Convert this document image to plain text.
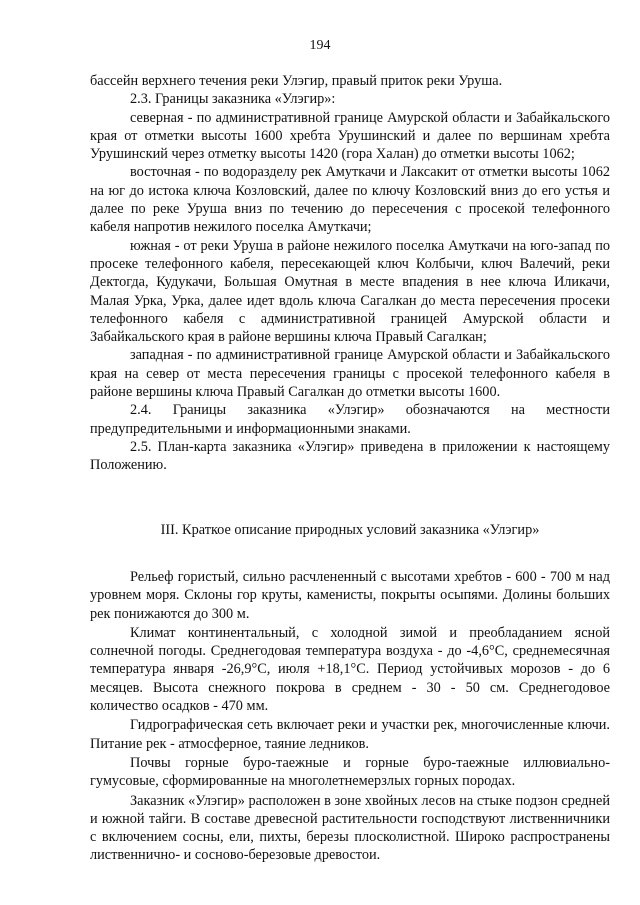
194

бассейн верхнего течения реки Улэгир, правый приток реки Уруша.

2.3. Границы заказника «Улэгир»:

северная - по административной границе Амурской области и Забайкальского края от отметки высоты 1600 хребта Урушинский и далее по вершинам хребта Урушинский через отметку высоты 1420 (гора Халан) до отметки высоты 1062;

восточная - по водоразделу рек Амуткачи и Лаксакит от отметки высоты 1062 на юг до истока ключа Козловский, далее по ключу Козловский вниз до его устья и далее по реке Уруша вниз по течению до пересечения с просекой телефонного кабеля напротив нежилого поселка Амуткачи;

южная - от реки Уруша в районе нежилого поселка Амуткачи на юго-запад по просеке телефонного кабеля, пересекающей ключ Колбычи, ключ Валечий, реки Дектогда, Кудукачи, Большая Омутная в месте впадения в нее ключа Иликачи, Малая Урка, Урка, далее идет вдоль ключа Сагалкан до места пересечения просеки телефонного кабеля с административной границей Амурской области и Забайкальского края в районе вершины ключа Правый Сагалкан;

западная - по административной границе Амурской области и Забайкальского края на север от места пересечения границы с просекой телефонного кабеля в районе вершины ключа Правый Сагалкан до отметки высоты 1600.

2.4. Границы заказника «Улэгир» обозначаются на местности предупредительными и информационными знаками.

2.5. План-карта заказника «Улэгир» приведена в приложении к настоящему Положению.

III. Краткое описание природных условий заказника «Улэгир»

Рельеф гористый, сильно расчлененный с высотами хребтов - 600 - 700 м над уровнем моря. Склоны гор круты, каменисты, покрыты осыпями. Долины больших рек понижаются до 300 м.

Климат континентальный, с холодной зимой и преобладанием ясной солнечной погоды. Среднегодовая температура воздуха - до -4,6°С, среднемесячная температура января -26,9°С, июля +18,1°С. Период устойчивых морозов - до 6 месяцев. Высота снежного покрова в среднем - 30 - 50 см. Среднегодовое количество осадков - 470 мм.

Гидрографическая сеть включает реки и участки рек, многочисленные ключи. Питание рек - атмосферное, таяние ледников.

Почвы горные буро-таежные и горные буро-таежные иллювиально-гумусовые, сформированные на многолетнемерзлых горных породах.

Заказник «Улэгир» расположен в зоне хвойных лесов на стыке подзон средней и южной тайги. В составе древесной растительности господствуют лиственничники с включением сосны, ели, пихты, березы плосколистной. Широко распространены лиственнично- и сосново-березовые древостои.
